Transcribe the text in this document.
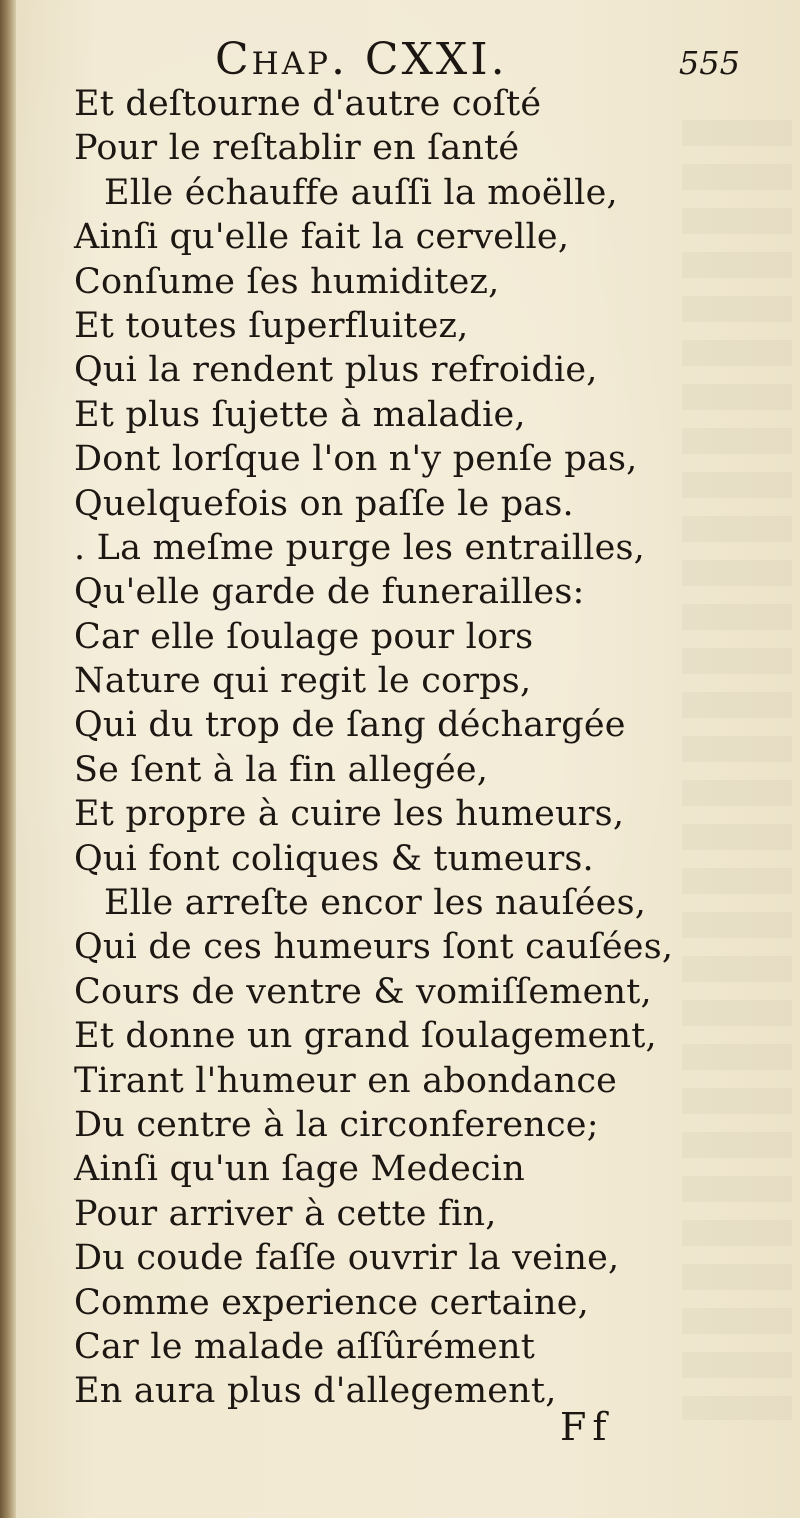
Chap. CXXI.	555
Et deſtourne d'autre coſté
Pour le reſtablir en ſanté
Elle échauffe auſſi la moëlle,
Ainſi qu'elle fait la cervelle,
Conſume ſes humiditez,
Et toutes ſuperfluitez,
Qui la rendent plus refroidie,
Et plus ſujette à maladie,
Dont lorſque l'on n'y penſe pas,
Quelquefois on paſſe le pas.
. La meſme purge les entrailles,
Qu'elle garde de funerailles:
Car elle ſoulage pour lors
Nature qui regit le corps,
Qui du trop de ſang déchargée
Se ſent à la fin allegée,
Et propre à cuire les humeurs,
Qui font coliques & tumeurs.
Elle arreſte encor les nauſées,
Qui de ces humeurs ſont cauſées,
Cours de ventre & vomiſſement,
Et donne un grand ſoulagement,
Tirant l'humeur en abondance
Du centre à la circonference;
Ainſi qu'un ſage Medecin
Pour arriver à cette fin,
Du coude faſſe ouvrir la veine,
Comme experience certaine,
Car le malade aſſûrément
En aura plus d'allegement,
Ff
